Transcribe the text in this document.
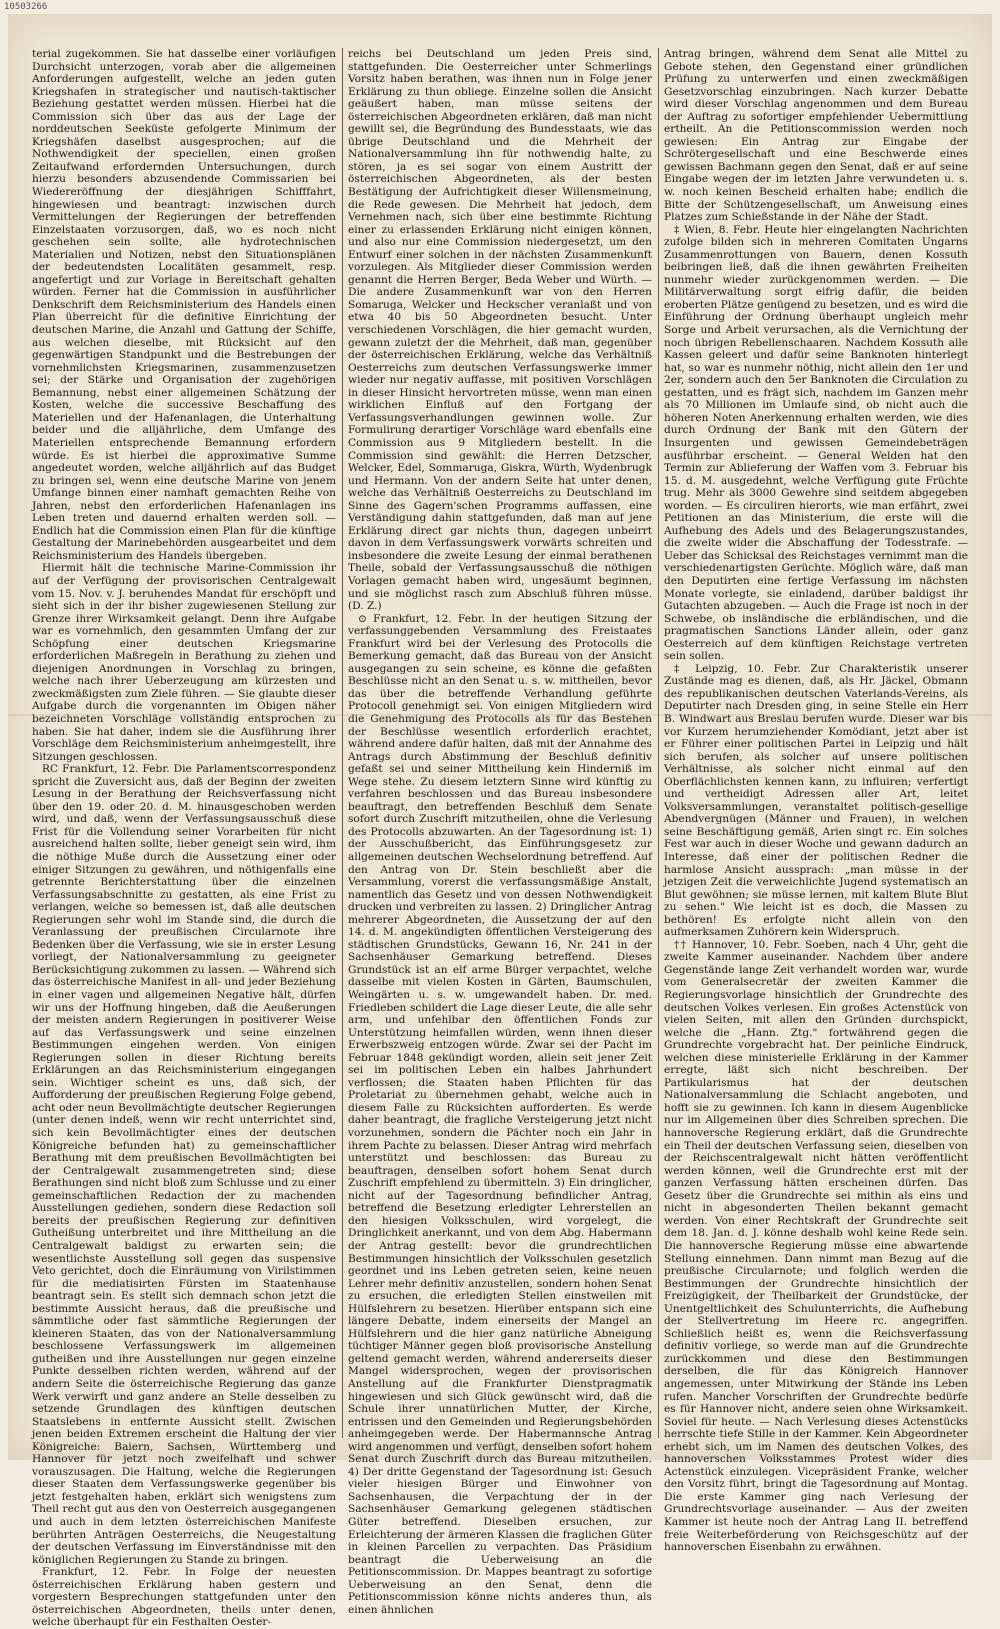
10503266

terial zugekommen. Sie hat dasselbe einer vorläufigen Durchsicht unterzogen, vorab aber die allgemeinen Anforderungen aufgestellt, welche an jeden guten Kriegshafen in strategischer und nautisch-taktischer Beziehung gestattet werden müssen. Hierbei hat die Commission sich über das aus der Lage der norddeutschen Seeküste gefolgerte Minimum der Kriegshäfen daselbst ausgesprochen; auf die Nothwendigkeit der speciellen, einen großen Zeitaufwand erfordernden Untersuchungen, durch hierzu besonders abzusendende Commissarien bei Wiedereröffnung der diesjährigen Schifffahrt, hingewiesen und beantragt: inzwischen durch Vermittelungen der Regierungen der betreffenden Einzelstaaten vorzusorgen, daß, wo es noch nicht geschehen sein sollte, alle hydrotechnischen Materialien und Notizen, nebst den Situationsplänen der bedeutendsten Localitäten gesammelt, resp. angefertigt und zur Vorlage in Bereitschaft gehalten würden. Ferner hat die Commission in ausführlicher Denkschrift dem Reichsministerium des Handels einen Plan überreicht für die definitive Einrichtung der deutschen Marine, die Anzahl und Gattung der Schiffe, aus welchen dieselbe, mit Rücksicht auf den gegenwärtigen Standpunkt und die Bestrebungen der vornehmlichsten Kriegsmarinen, zusammenzusetzen sei; der Stärke und Organisation der zugehörigen Bemannung, nebst einer allgemeinen Schätzung der Kosten, welche die successive Beschaffung des Materiellen und der Hafenanlagen, die Unterhaltung beider und die alljährliche, dem Umfange des Materiellen entsprechende Bemannung erfordern würde. Es ist hierbei die approximative Summe angedeutet worden, welche alljährlich auf das Budget zu bringen sei, wenn eine deutsche Marine von jenem Umfange binnen einer namhaft gemachten Reihe von Jahren, nebst den erforderlichen Hafenanlagen ins Leben treten und dauernd erhalten werden soll. — Endlich hat die Commission einen Plan für die künftige Gestaltung der Marinebehörden ausgearbeitet und dem Reichsministerium des Handels übergeben.

Hiermit hält die technische Marine-Commission ihr auf der Verfügung der provisorischen Centralgewalt vom 15. Nov. v. J. beruhendes Mandat für erschöpft und sieht sich in der ihr bisher zugewiesenen Stellung zur Grenze ihrer Wirksamkeit gelangt. Denn ihre Aufgabe war es vornehmlich, den gesammten Umfang der zur Schöpfung einer deutschen Kriegsmarine erforderlichen Maßregeln in Berathung zu ziehen und diejenigen Anordnungen in Vorschlag zu bringen, welche nach ihrer Ueberzeugung am kürzesten und zweckmäßigsten zum Ziele führen. — Sie glaubte dieser Aufgabe durch die vorgenannten im Obigen näher bezeichneten Vorschläge vollständig entsprochen zu haben. Sie hat daher, indem sie die Ausführung ihrer Vorschläge dem Reichsministerium anheimgestellt, ihre Sitzungen geschlossen.

RC Frankfurt, 12. Febr. Die Parlamentscorrespondenz spricht die Zuversicht aus, daß der Beginn der zweiten Lesung in der Berathung der Reichsverfassung nicht über den 19. oder 20. d. M. hinausgeschoben werden wird, und daß, wenn der Verfassungsausschuß diese Frist für die Vollendung seiner Vorarbeiten für nicht ausreichend halten sollte, lieber geneigt sein wird, ihm die nöthige Muße durch die Aussetzung einer oder einiger Sitzungen zu gewähren, und nöthigenfalls eine getrennte Berichterstattung über die einzelnen Verfassungsabschnitte zu gestatten, als eine Frist zu verlangen, welche so bemessen ist, daß alle deutschen Regierungen sehr wohl im Stande sind, die durch die Veranlassung der preußischen Circularnote ihre Bedenken über die Verfassung, wie sie in erster Lesung vorliegt, der Nationalversammlung zu geeigneter Berücksichtigung zukommen zu lassen. — Während sich das österreichische Manifest in all- und jeder Beziehung in einer vagen und allgemeinen Negative hält, dürfen wir uns der Hoffnung hingeben, daß die Aeußerungen der meisten andern Regierungen in positiverer Weise auf das Verfassungswerk und seine einzelnen Bestimmungen eingehen werden. Von einigen Regierungen sollen in dieser Richtung bereits Erklärungen an das Reichsministerium eingegangen sein. Wichtiger scheint es uns, daß sich, der Aufforderung der preußischen Regierung Folge gebend, acht oder neun Bevollmächtigte deutscher Regierungen (unter denen indeß, wenn wir recht unterrichtet sind, sich kein Bevollmächtigter eines der deutschen Königreiche befunden hat) zu gemeinschaftlicher Berathung mit dem preußischen Bevollmächtigten bei der Centralgewalt zusammengetreten sind; diese Berathungen sind nicht bloß zum Schlusse und zu einer gemeinschaftlichen Redaction der zu machenden Ausstellungen gediehen, sondern diese Redaction soll bereits der preußischen Regierung zur definitiven Gutheißung unterbreitet und ihre Mittheilung an die Centralgewalt baldigst zu erwarten sein; die wesentlichste Ausstellung soll gegen das suspensive Veto gerichtet, doch die Einräumung von Virilstimmen für die mediatisirten Fürsten im Staatenhause beantragt sein. Es stellt sich demnach schon jetzt die bestimmte Aussicht heraus, daß die preußische und sämmtliche oder fast sämmtliche Regierungen der kleineren Staaten, das von der Nationalversammlung beschlossene Verfassungswerk im allgemeinen gutheißen und ihre Ausstellungen nur gegen einzelne Punkte desselben richten werden, während auf der andern Seite die österreichische Regierung das ganze Werk verwirft und ganz andere an Stelle desselben zu setzende Grundlagen des künftigen deutschen Staatslebens in entfernte Aussicht stellt. Zwischen jenen beiden Extremen erscheint die Haltung der vier Königreiche: Baiern, Sachsen, Württemberg und Hannover für jetzt noch zweifelhaft und schwer vorauszusagen. Die Haltung, welche die Regierungen dieser Staaten dem Verfassungswerke gegenüber bis jetzt festgehalten haben, erklärt sich wenigstens zum Theil recht gut aus den von Oesterreich ausgegangenen und auch in dem letzten österreichischen Manifeste berührten Anträgen Oesterreichs, die Neugestaltung der deutschen Verfassung im Einverständnisse mit den königlichen Regierungen zu Stande zu bringen.

Frankfurt, 12. Febr. In Folge der neuesten österreichischen Erklärung haben gestern und vorgestern Besprechungen stattgefunden unter den österreichischen Abgeordneten, theils unter denen, welche überhaupt für ein Festhalten Oester-

reichs bei Deutschland um jeden Preis sind, stattgefunden. Die Oesterreicher unter Schmerlings Vorsitz haben berathen, was ihnen nun in Folge jener Erklärung zu thun obliege. Einzelne sollen die Ansicht geäußert haben, man müsse seitens der österreichischen Abgeordneten erklären, daß man nicht gewillt sei, die Begründung des Bundesstaats, wie das übrige Deutschland und die Mehrheit der Nationalversammlung ihn für nothwendig halte, zu stören, ja es sei sogar von einem Austritt der österreichischen Abgeordneten, als der besten Bestätigung der Aufrichtigkeit dieser Willensmeinung, die Rede gewesen. Die Mehrheit hat jedoch, dem Vernehmen nach, sich über eine bestimmte Richtung einer zu erlassenden Erklärung nicht einigen können, und also nur eine Commission niedergesetzt, um den Entwurf einer solchen in der nächsten Zusammenkunft vorzulegen. Als Mitglieder dieser Commission werden genannt die Herren Berger, Beda Weber und Würth. — Die andere Zusammenkunft war von den Herren Somaruga, Welcker und Heckscher veranlaßt und von etwa 40 bis 50 Abgeordneten besucht. Unter verschiedenen Vorschlägen, die hier gemacht wurden, gewann zuletzt der die Mehrheit, daß man, gegenüber der österreichischen Erklärung, welche das Verhältniß Oesterreichs zum deutschen Verfassungswerke immer wieder nur negativ auffasse, mit positiven Vorschlägen in dieser Hinsicht hervortreten müsse, wenn man einen wirklichen Einfluß auf den Fortgang der Verfassungsverhandlungen gewinnen wolle. Zur Formulirung derartiger Vorschläge ward ebenfalls eine Commission aus 9 Mitgliedern bestellt. In die Commission sind gewählt: die Herren Detzscher, Welcker, Edel, Sommaruga, Giskra, Würth, Wydenbrugk und Hermann. Von der andern Seite hat unter denen, welche das Verhältniß Oesterreichs zu Deutschland im Sinne des Gagern'schen Programms auffassen, eine Verständigung dahin stattgefunden, daß man auf jene Erklärung direct gar nichts thun, dagegen unbeirrt davon in dem Verfassungswerk vorwärts schreiten und insbesondere die zweite Lesung der einmal berathenen Theile, sobald der Verfassungsausschuß die nöthigen Vorlagen gemacht haben wird, ungesäumt beginnen, und sie möglichst rasch zum Abschluß führen müsse. (D. Z.)

⊙ Frankfurt, 12. Febr. In der heutigen Sitzung der verfassunggebenden Versammlung des Freistaates Frankfurt wird bei der Verlesung des Protocolls die Bemerkung gemacht, daß das Bureau von der Ansicht ausgegangen zu sein scheine, es könne die gefaßten Beschlüsse nicht an den Senat u. s. w. mittheilen, bevor das über die betreffende Verhandlung geführte Protocoll genehmigt sei. Von einigen Mitgliedern wird die Genehmigung des Protocolls als für das Bestehen der Beschlüsse wesentlich erforderlich erachtet, während andere dafür halten, daß mit der Annahme des Antrags durch Abstimmung der Beschluß definitiv gefaßt sei und seiner Mittheilung kein Hinderniß im Wege stehe. Zu diesem letztern Sinne wird künftig zu verfahren beschlossen und das Bureau insbesondere beauftragt, den betreffenden Beschluß dem Senate sofort durch Zuschrift mitzutheilen, ohne die Verlesung des Protocolls abzuwarten. An der Tagesordnung ist: 1) der Ausschußbericht, das Einführungsgesetz zur allgemeinen deutschen Wechselordnung betreffend. Auf den Antrag von Dr. Stein beschließt aber die Versammlung, vorerst die verfassungsmäßige Anstalt, namentlich das Gesetz und von dessen Nothwendigkeit drucken und verbreiten zu lassen. 2) Dringlicher Antrag mehrerer Abgeordneten, die Aussetzung der auf den 14. d. M. angekündigten öffentlichen Versteigerung des städtischen Grundstücks, Gewann 16, Nr. 241 in der Sachsenhäuser Gemarkung betreffend. Dieses Grundstück ist an elf arme Bürger verpachtet, welche dasselbe mit vielen Kosten in Gärten, Baumschulen, Weingärten u. s. w. umgewandelt haben. Dr. med. Friedleben schildert die Lage dieser Leute, die alle sehr arm, und unfehlbar den öffentlichen Fonds zur Unterstützung heimfallen würden, wenn ihnen dieser Erwerbszweig entzogen würde. Zwar sei der Pacht im Februar 1848 gekündigt worden, allein seit jener Zeit sei im politischen Leben ein halbes Jahrhundert verflossen; die Staaten haben Pflichten für das Proletariat zu übernehmen gehabt, welche auch in diesem Falle zu Rücksichten aufforderten. Es werde daher beantragt, die fragliche Versteigerung jetzt nicht vorzunehmen, sondern die Pächter noch ein Jahr in ihrem Pachte zu belassen. Dieser Antrag wird mehrfach unterstützt und beschlossen: das Bureau zu beauftragen, denselben sofort hohem Senat durch Zuschrift empfehlend zu übermitteln. 3) Ein dringlicher, nicht auf der Tagesordnung befindlicher Antrag, betreffend die Besetzung erledigter Lehrerstellen an den hiesigen Volksschulen, wird vorgelegt, die Dringlichkeit anerkannt, und von dem Abg. Habermann der Antrag gestellt: bevor die grundrechtlichen Bestimmungen hinsichtlich der Volksschulen gesetzlich geordnet und ins Leben getreten seien, keine neuen Lehrer mehr definitiv anzustellen, sondern hohen Senat zu ersuchen, die erledigten Stellen einstweilen mit Hülfslehrern zu besetzen. Hierüber entspann sich eine längere Debatte, indem einerseits der Mangel an Hülfslehrern und die hier ganz natürliche Abneigung tüchtiger Männer gegen bloß provisorische Anstellung geltend gemacht werden, während andererseits dieser Mangel widersprochen, wegen der provisorischen Anstellung auf die Frankfurter Dienstpragmatik hingewiesen und sich Glück gewünscht wird, daß die Schule ihrer unnatürlichen Mutter, der Kirche, entrissen und den Gemeinden und Regierungsbehörden anheimgegeben werde. Der Habermannsche Antrag wird angenommen und verfügt, denselben sofort hohem Senat durch Zuschrift durch das Bureau mitzutheilen. 4) Der dritte Gegenstand der Tagesordnung ist: Gesuch vieler hiesigen Bürger und Einwohner von Sachsenhausen, die Verpachtung der in der Sachsenhäuser Gemarkung gelegenen städtischen Güter betreffend. Dieselben ersuchen, zur Erleichterung der ärmeren Klassen die fraglichen Güter in kleinen Parcellen zu verpachten. Das Präsidium beantragt die Ueberweisung an die Petitionscommission. Dr. Mappes beantragt zu sofortige Ueberweisung an den Senat, denn die Petitionscommission könne nichts anderes thun, als einen ähnlichen

Antrag bringen, während dem Senat alle Mittel zu Gebote stehen, den Gegenstand einer gründlichen Prüfung zu unterwerfen und einen zweckmäßigen Gesetzvorschlag einzubringen. Nach kurzer Debatte wird dieser Vorschlag angenommen und dem Bureau der Auftrag zu sofortiger empfehlender Uebermittlung ertheilt. An die Petitionscommission werden noch gewiesen: Ein Antrag zur Eingabe der Schrötergesellschaft und eine Beschwerde eines gewissen Bachmann gegen den Senat, daß er auf seine Eingabe wegen der im letzten Jahre verwundeten u. s. w. noch keinen Bescheid erhalten habe; endlich die Bitte der Schützengesellschaft, um Anweisung eines Platzes zum Schießstande in der Nähe der Stadt.

‡ Wien, 8. Febr. Heute hier eingelangten Nachrichten zufolge bilden sich in mehreren Comitaten Ungarns Zusammenrottungen von Bauern, denen Kossuth beibringen ließ, daß die ihnen gewährten Freiheiten nunmehr wieder zurückgenommen werden. — Die Militärverwaltung sorgt eifrig dafür, die beiden eroberten Plätze genügend zu besetzen, und es wird die Einführung der Ordnung überhaupt ungleich mehr Sorge und Arbeit verursachen, als die Vernichtung der noch übrigen Rebellenschaaren. Nachdem Kossuth alle Kassen geleert und dafür seine Banknoten hinterlegt hat, so war es nunmehr nöthig, nicht allein den 1er und 2er, sondern auch den 5er Banknoten die Circulation zu gestatten, und es frägt sich, nachdem im Ganzen mehr als 70 Millionen im Umlaufe sind, ob nicht auch die höheren Noten Anerkennung erhalten werden, wie dies durch Ordnung der Bank mit den Gütern der Insurgenten und gewissen Gemeindebeträgen ausführbar erscheint. — General Welden hat den Termin zur Ablieferung der Waffen vom 3. Februar bis 15. d. M. ausgedehnt, welche Verfügung gute Früchte trug. Mehr als 3000 Gewehre sind seitdem abgegeben worden. — Es circuliren hierorts, wie man erfährt, zwei Petitionen an das Ministerium, die erste will die Aufhebung des Adels und des Belagerungszustandes, die zweite wider die Abschaffung der Todesstrafe. — Ueber das Schicksal des Reichstages vernimmt man die verschiedenartigsten Gerüchte. Möglich wäre, daß man den Deputirten eine fertige Verfassung im nächsten Monate vorlegte, sie einladend, darüber baldigst ihr Gutachten abzugeben. — Auch die Frage ist noch in der Schwebe, ob insländische die erbländischen, und die pragmatischen Sanctions Länder allein, oder ganz Oesterreich auf dem künftigen Reichstage vertreten sein sollen.

‡ Leipzig, 10. Febr. Zur Charakteristik unserer Zustände mag es dienen, daß, als Hr. Jäckel, Obmann des republikanischen deutschen Vaterlands-Vereins, als Deputirter nach Dresden ging, in seine Stelle ein Herr B. Windwart aus Breslau berufen wurde. Dieser war bis vor Kurzem herumziehender Komödiant, jetzt aber ist er Führer einer politischen Partei in Leipzig und hält sich berufen, als solcher auf unsere politischen Verhältnisse, als solcher nicht einmal auf den Oberflächlichsten kennen kann, zu influiren; verfertigt und vertheidigt Adressen aller Art, leitet Volksversammlungen, veranstaltet politisch-gesellige Abendvergnügen (Männer und Frauen), in welchen seine Beschäftigung gemäß, Arien singt rc. Ein solches Fest war auch in dieser Woche und gewann dadurch an Interesse, daß einer der politischen Redner die harmlose Ansicht aussprach: „man müsse in der jetzigen Zeit die verweichlichte Jugend systematisch an Blut gewöhnen; sie müsse lernen, mit kaltem Blute Blut zu sehen." Wie leicht ist es doch, die Massen zu bethören! Es erfolgte nicht allein von den aufmerksamen Zuhörern kein Widerspruch.

†† Hannover, 10. Febr. Soeben, nach 4 Uhr, geht die zweite Kammer auseinander. Nachdem über andere Gegenstände lange Zeit verhandelt worden war, wurde vom Generalsecretär der zweiten Kammer die Regierungsvorlage hinsichtlich der Grundrechte des deutschen Volkes verlesen. Ein großes Actenstück von vielen Seiten, mit allen den Gründen durchspickt, welche die „Hann. Ztg." fortwährend gegen die Grundrechte vorgebracht hat. Der peinliche Eindruck, welchen diese ministerielle Erklärung in der Kammer erregte, läßt sich nicht beschreiben. Der Partikularismus hat der deutschen Nationalversammlung die Schlacht angeboten, und hofft sie zu gewinnen. Ich kann in diesem Augenblicke nur im Allgemeinen über dies Schreiben sprechen. Die hannoversche Regierung erklärt, daß die Grundrechte ein Theil der deutschen Verfassung seien, dieselben von der Reichscentralgewalt nicht hätten veröffentlicht werden können, weil die Grundrechte erst mit der ganzen Verfassung hätten erscheinen dürfen. Das Gesetz über die Grundrechte sei mithin als eins und nicht in abgesonderten Theilen bekannt gemacht werden. Von einer Rechtskraft der Grundrechte seit dem 18. Jan. d. J. könne deshalb wohl keine Rede sein. Die hannoversche Regierung müsse eine abwartende Stellung einnehmen. Dann nimmt man Bezug auf die preußische Circularnote; und folglich werden die Bestimmungen der Grundrechte hinsichtlich der Freizügigkeit, der Theilbarkeit der Grundstücke, der Unentgeltlichkeit des Schulunterrichts, die Aufhebung der Stellvertretung im Heere rc. angegriffen. Schließlich heißt es, wenn die Reichsverfassung definitiv vorliege, so werde man auf die Grundrechte zurückkommen und diese den Bestimmungen derselben, die für das Königreich Hannover angemessen, unter Mitwirkung der Stände ins Leben rufen. Mancher Vorschriften der Grundrechte bedürfe es für Hannover nicht, andere seien ohne Wirksamkeit. Soviel für heute. — Nach Verlesung dieses Actenstücks herrschte tiefe Stille in der Kammer. Kein Abgeordneter erhebt sich, um im Namen des deutschen Volkes, des hannoverschen Volksstammes Protest wider dies Actenstück einzulegen. Vicepräsident Franke, welcher den Vorsitz führt, bringt die Tagesordnung auf Montag. Die erste Kammer ging nach Verlesung der Grundrechtsvorlage auseinander. — Aus der zweiten Kammer ist heute noch der Antrag Lang II. betreffend freie Weiterbeförderung von Reichsgeschütz auf der hannoverschen Eisenbahn zu erwähnen.
